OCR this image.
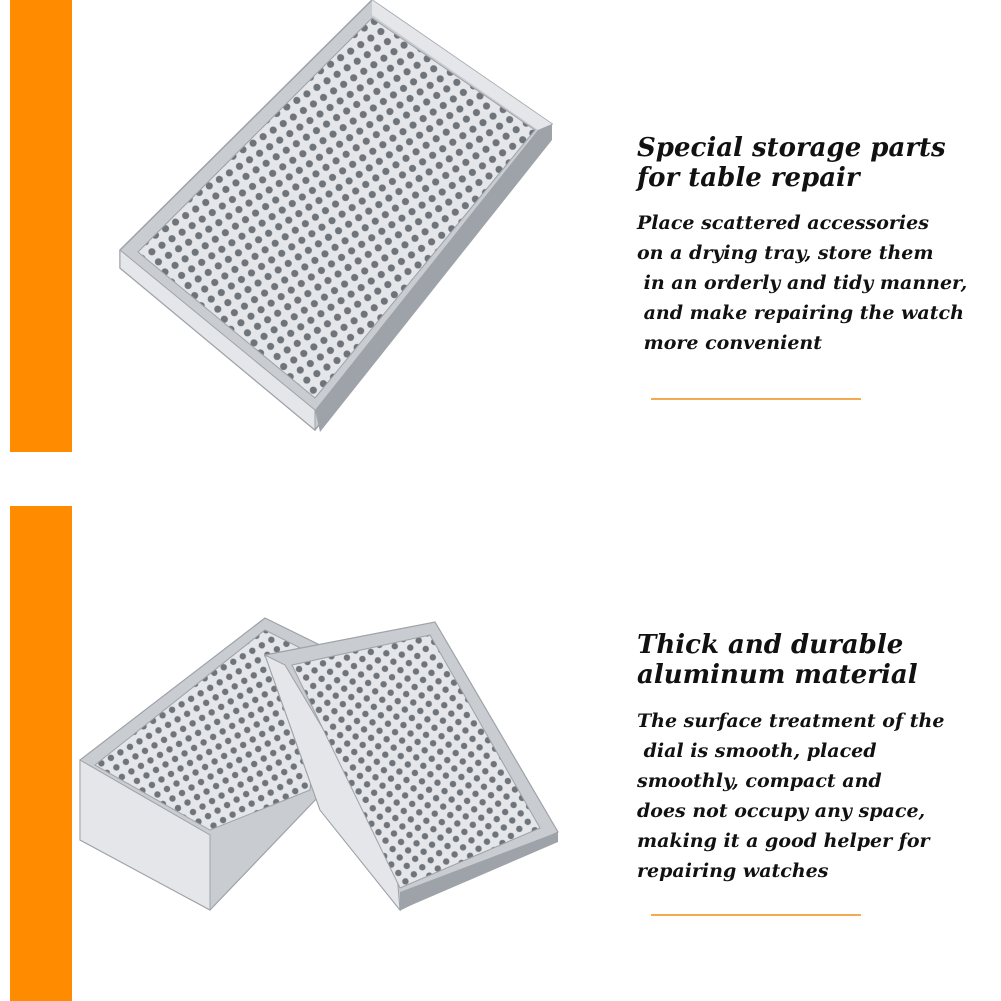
Special storage parts
for table repair

Place scattered accessories
on a drying tray, store them
in an orderly and tidy manner,
and make repairing the watch
more convenient

Thick and durable
aluminum material

The surface treatment of the
dial is smooth, placed
smoothly, compact and
does not occupy any space,
making it a good helper for
repairing watches
